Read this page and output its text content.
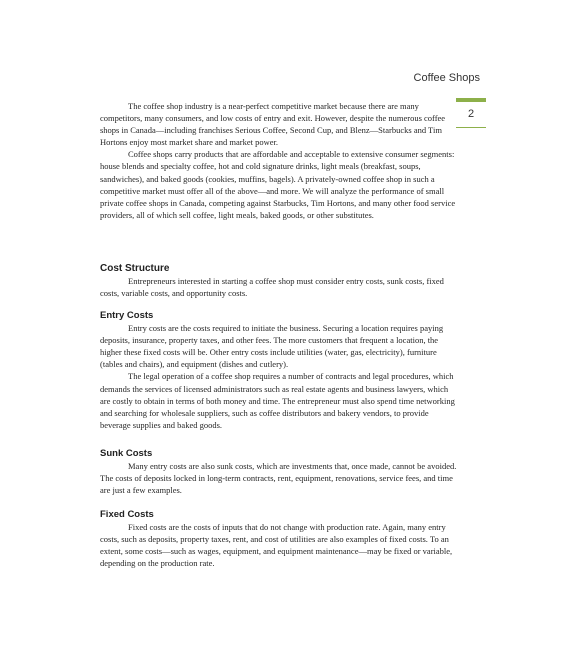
Coffee Shops
2

The coffee shop industry is a near-perfect competitive market because there are many competitors, many consumers, and low costs of entry and exit. However, despite the numerous coffee shops in Canada—including franchises Serious Coffee, Second Cup, and Blenz—Starbucks and Tim Hortons enjoy most market share and market power.

Coffee shops carry products that are affordable and acceptable to extensive consumer segments: house blends and specialty coffee, hot and cold signature drinks, light meals (breakfast, soups, sandwiches), and baked goods (cookies, muffins, bagels). A privately-owned coffee shop in such a competitive market must offer all of the above—and more. We will analyze the performance of small private coffee shops in Canada, competing against Starbucks, Tim Hortons, and many other food service providers, all of which sell coffee, light meals, baked goods, or other substitutes.

Cost Structure

Entrepreneurs interested in starting a coffee shop must consider entry costs, sunk costs, fixed costs, variable costs, and opportunity costs.

Entry Costs

Entry costs are the costs required to initiate the business. Securing a location requires paying deposits, insurance, property taxes, and other fees. The more customers that frequent a location, the higher these fixed costs will be. Other entry costs include utilities (water, gas, electricity), furniture (tables and chairs), and equipment (dishes and cutlery).

The legal operation of a coffee shop requires a number of contracts and legal procedures, which demands the services of licensed administrators such as real estate agents and business lawyers, which are costly to obtain in terms of both money and time. The entrepreneur must also spend time networking and searching for wholesale suppliers, such as coffee distributors and bakery vendors, to provide beverage supplies and baked goods.

Sunk Costs

Many entry costs are also sunk costs, which are investments that, once made, cannot be avoided. The costs of deposits locked in long-term contracts, rent, equipment, renovations, service fees, and time are just a few examples.

Fixed Costs

Fixed costs are the costs of inputs that do not change with production rate. Again, many entry costs, such as deposits, property taxes, rent, and cost of utilities are also examples of fixed costs. To an extent, some costs—such as wages, equipment, and equipment maintenance—may be fixed or variable, depending on the production rate.
